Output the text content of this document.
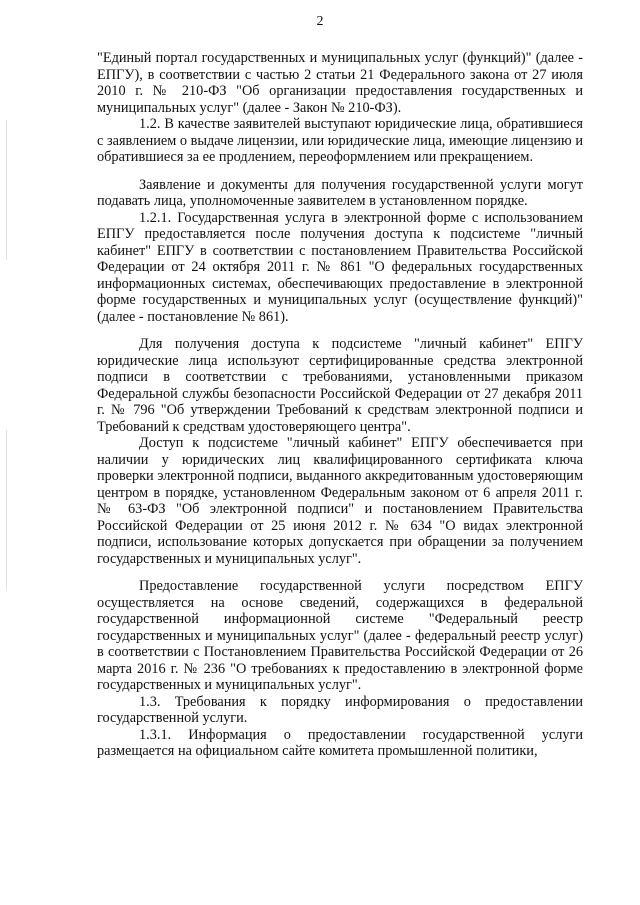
2

"Единый портал государственных и муниципальных услуг (функций)" (далее - ЕПГУ), в соответствии с частью 2 статьи 21 Федерального закона от 27 июля 2010 г. № 210-ФЗ "Об организации предоставления государственных и муниципальных услуг" (далее - Закон № 210-ФЗ).

1.2. В качестве заявителей выступают юридические лица, обратившиеся с заявлением о выдаче лицензии, или юридические лица, имеющие лицензию и обратившиеся за ее продлением, переоформлением или прекращением.

Заявление и документы для получения государственной услуги могут подавать лица, уполномоченные заявителем в установленном порядке.

1.2.1. Государственная услуга в электронной форме с использованием ЕПГУ предоставляется после получения доступа к подсистеме "личный кабинет" ЕПГУ в соответствии с постановлением Правительства Российской Федерации от 24 октября 2011 г. № 861 "О федеральных государственных информационных системах, обеспечивающих предоставление в электронной форме государственных и муниципальных услуг (осуществление функций)" (далее - постановление № 861).

Для получения доступа к подсистеме "личный кабинет" ЕПГУ юридические лица используют сертифицированные средства электронной подписи в соответствии с требованиями, установленными приказом Федеральной службы безопасности Российской Федерации от 27 декабря 2011 г. № 796 "Об утверждении Требований к средствам электронной подписи и Требований к средствам удостоверяющего центра".

Доступ к подсистеме "личный кабинет" ЕПГУ обеспечивается при наличии у юридических лиц квалифицированного сертификата ключа проверки электронной подписи, выданного аккредитованным удостоверяющим центром в порядке, установленном Федеральным законом от 6 апреля 2011 г. № 63-ФЗ "Об электронной подписи" и постановлением Правительства Российской Федерации от 25 июня 2012 г. № 634 "О видах электронной подписи, использование которых допускается при обращении за получением государственных и муниципальных услуг".

Предоставление государственной услуги посредством ЕПГУ осуществляется на основе сведений, содержащихся в федеральной государственной информационной системе "Федеральный реестр государственных и муниципальных услуг" (далее - федеральный реестр услуг) в соответствии с Постановлением Правительства Российской Федерации от 26 марта 2016 г. № 236 "О требованиях к предоставлению в электронной форме государственных и муниципальных услуг".

1.3. Требования к порядку информирования о предоставлении государственной услуги.

1.3.1. Информация о предоставлении государственной услуги размещается на официальном сайте комитета промышленной политики,
